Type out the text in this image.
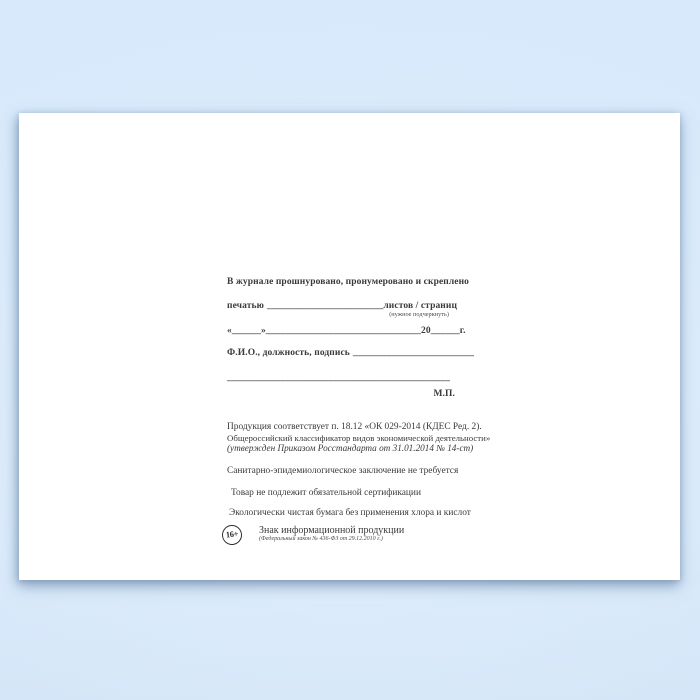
В журнале прошнуровано, пронумеровано и скреплено
печатью ________________________листов / страниц
(нужное подчеркнуть)
«______»________________________________20______г.
Ф.И.О., должность, подпись _________________________
______________________________________________
М.П.
Продукция соответствует п. 18.12 «ОК 029-2014 (КДЕС Ред. 2).
Общероссийский классификатор видов экономической деятельности»
(утвержден Приказом Росстандарта от 31.01.2014 № 14-ст)
Санитарно-эпидемиологическое заключение не требуется
Товар не подлежит обязательной сертификации
Экологически чистая бумага без применения хлора и кислот
16+	Знак информационной продукции
(Федеральный закон № 436-ФЗ от 29.12.2010 г.)
